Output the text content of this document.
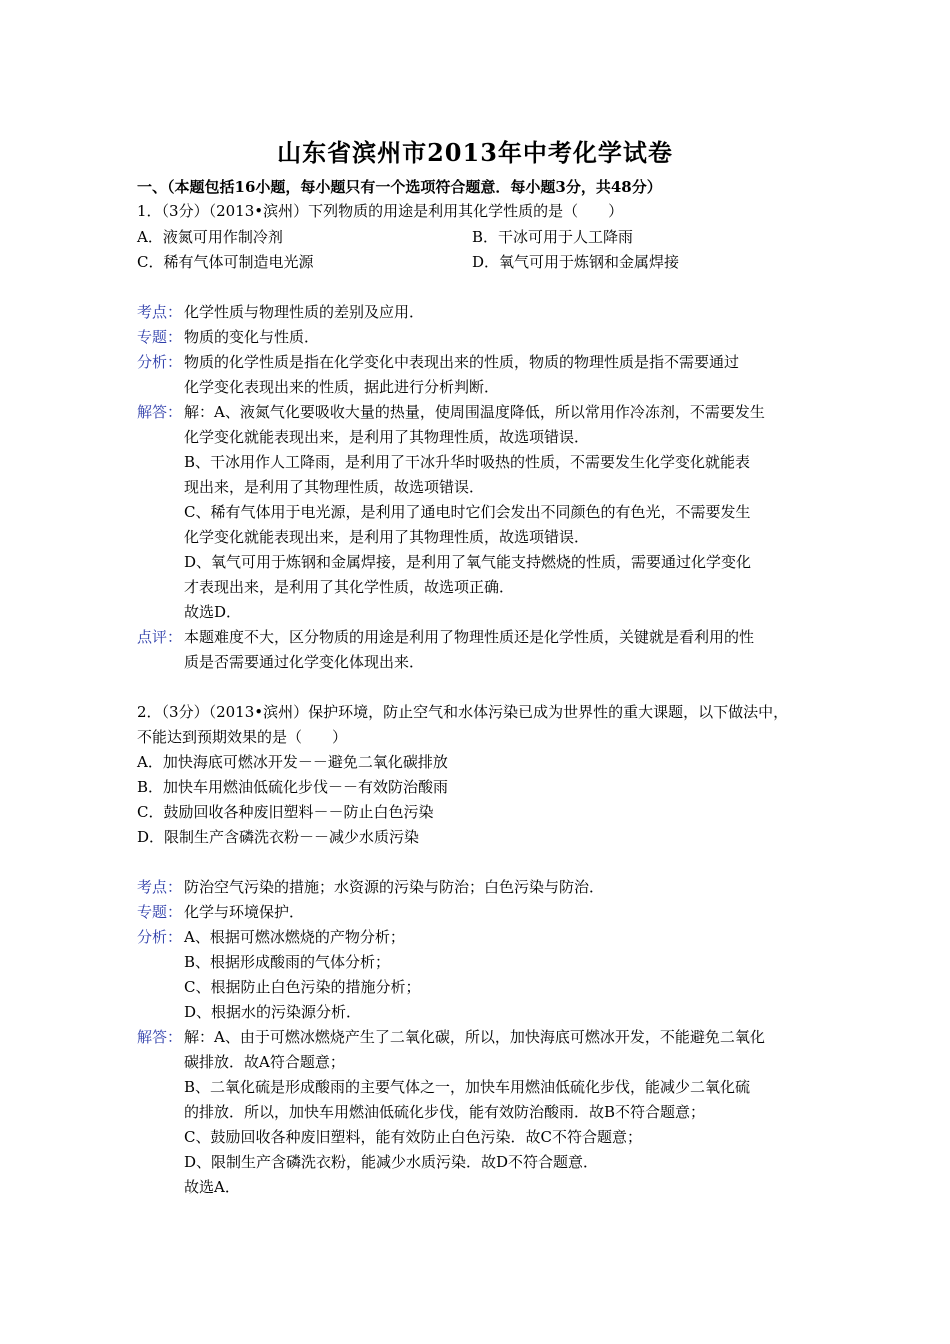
山东省滨州市2013年中考化学试卷
一、（本题包括16小题，每小题只有一个选项符合题意．每小题3分，共48分）
1．（3分）（2013•滨州）下列物质的用途是利用其化学性质的是（　　）
A．液氮可用作制冷剂	B．干冰可用于人工降雨
C．稀有气体可制造电光源	D．氧气可用于炼钢和金属焊接
考点： 化学性质与物理性质的差别及应用．
专题： 物质的变化与性质．
分析： 物质的化学性质是指在化学变化中表现出来的性质，物质的物理性质是指不需要通过
化学变化表现出来的性质，据此进行分析判断．
解答： 解：A、液氮气化要吸收大量的热量，使周围温度降低，所以常用作冷冻剂，不需要发生
化学变化就能表现出来，是利用了其物理性质，故选项错误．
B、干冰用作人工降雨，是利用了干冰升华时吸热的性质，不需要发生化学变化就能表
现出来，是利用了其物理性质，故选项错误．
C、稀有气体用于电光源，是利用了通电时它们会发出不同颜色的有色光，不需要发生
化学变化就能表现出来，是利用了其物理性质，故选项错误．
D、氧气可用于炼钢和金属焊接，是利用了氧气能支持燃烧的性质，需要通过化学变化
才表现出来，是利用了其化学性质，故选项正确．
故选D．
点评： 本题难度不大，区分物质的用途是利用了物理性质还是化学性质，关键就是看利用的性
质是否需要通过化学变化体现出来．
2．（3分）（2013•滨州）保护环境，防止空气和水体污染已成为世界性的重大课题，以下做法中，
不能达到预期效果的是（　　）
A．加快海底可燃冰开发－－避免二氧化碳排放
B．加快车用燃油低硫化步伐－－有效防治酸雨
C．鼓励回收各种废旧塑料－－防止白色污染
D．限制生产含磷洗衣粉－－减少水质污染
考点： 防治空气污染的措施；水资源的污染与防治；白色污染与防治．
专题： 化学与环境保护．
分析： A、根据可燃冰燃烧的产物分析；
B、根据形成酸雨的气体分析；
C、根据防止白色污染的措施分析；
D、根据水的污染源分析．
解答： 解：A、由于可燃冰燃烧产生了二氧化碳，所以，加快海底可燃冰开发，不能避免二氧化
碳排放．故A符合题意；
B、二氧化硫是形成酸雨的主要气体之一，加快车用燃油低硫化步伐，能减少二氧化硫
的排放．所以，加快车用燃油低硫化步伐，能有效防治酸雨．故B不符合题意；
C、鼓励回收各种废旧塑料，能有效防止白色污染．故C不符合题意；
D、限制生产含磷洗衣粉，能减少水质污染．故D不符合题意．
故选A．
